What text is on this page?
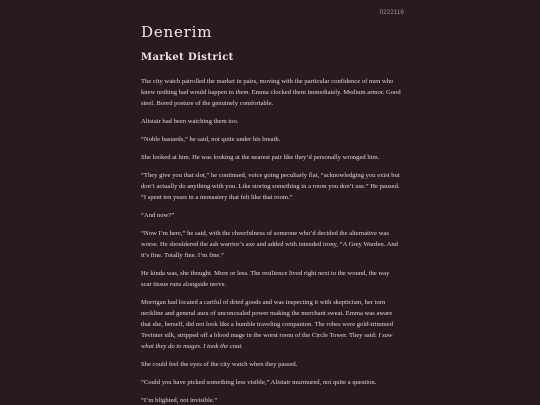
0222116
Denerim
Market District

The city watch patrolled the market in pairs, moving with the particular confidence of men who knew nothing bad would happen to them. Emma clocked them immediately. Medium armor. Good steel. Bored posture of the genuinely comfortable.

Alistair had been watching them too.

“Noble bastards,” he said, not quite under his breath.

She looked at him. He was looking at the nearest pair like they’d personally wronged him.

“They give you that slot,” he continued, voice going peculiarly flat, “acknowledging you exist but don’t actually do anything with you. Like storing something in a room you don’t use.” He paused. “I spent ten years in a monastery that felt like that room.”

“And now?”

“Now I’m here,” he said, with the cheerfulness of someone who’d decided the alternative was worse. He shouldered the ash warrior’s axe and added with intended irony, “A Grey Warden. And it’s fine. Totally fine. I’m fine.”

He kinda was, she thought. More or less. The resilience lived right next to the wound, the way scar tissue runs alongside nerve.

Morrigan had located a cartful of dried goods and was inspecting it with skepticism, her torn neckline and general aura of unconcealed power making the merchant sweat. Emma was aware that she, herself, did not look like a humble traveling companion. The robes were gold-trimmed Tevinter silk, stripped off a blood mage in the worst room of the Circle Tower. They said: I saw what they do to mages. I took the coat.

She could feel the eyes of the city watch when they passed.

“Could you have picked something less visible,” Alistair murmured, not quite a question.

“I’m blighted, not invisible.”
